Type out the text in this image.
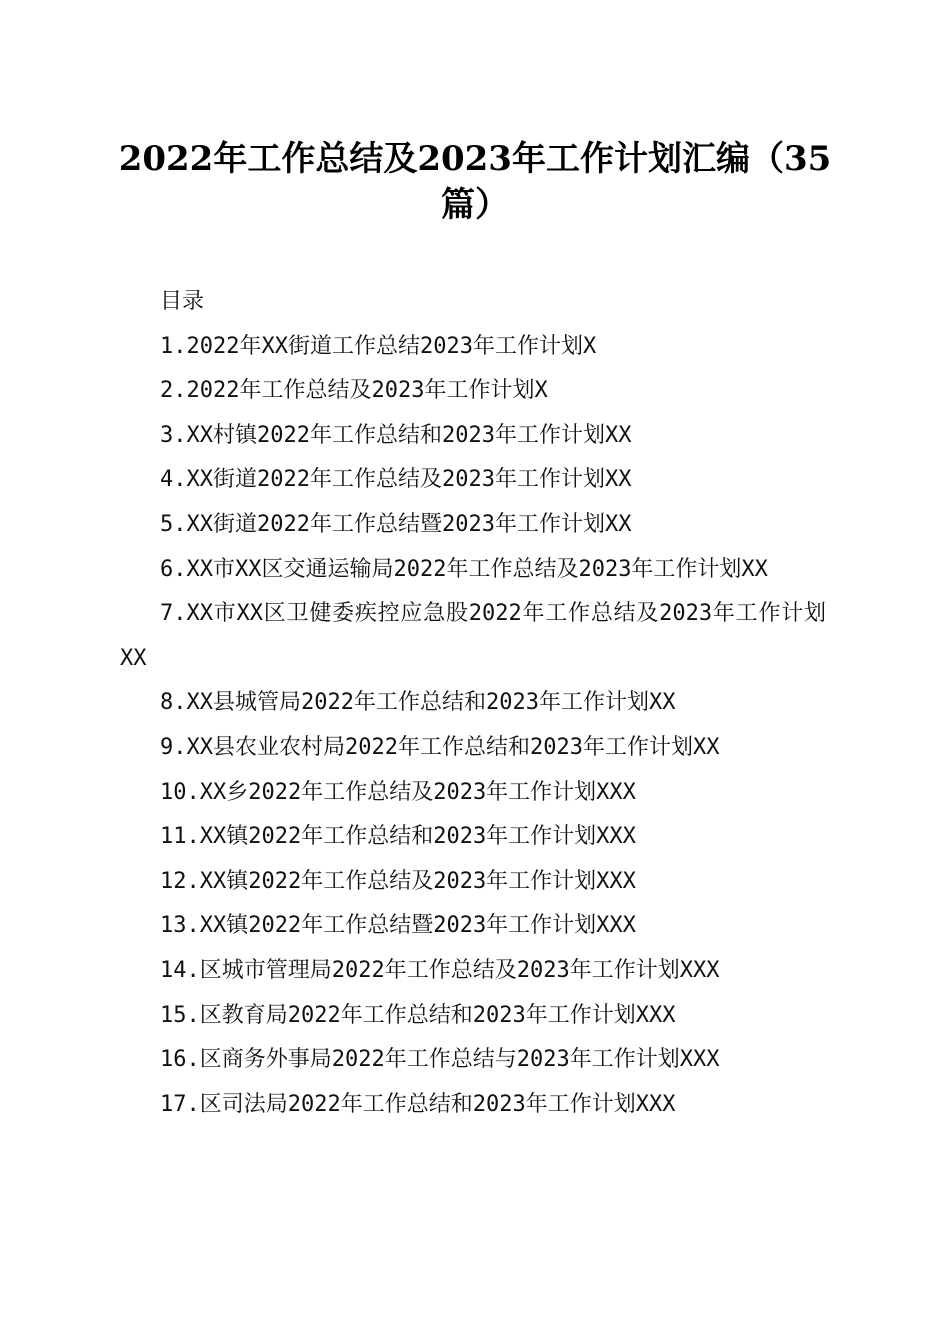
2022年工作总结及2023年工作计划汇编（35篇）
目录
1.2022年XX街道工作总结2023年工作计划X
2.2022年工作总结及2023年工作计划X
3.XX村镇2022年工作总结和2023年工作计划XX
4.XX街道2022年工作总结及2023年工作计划XX
5.XX街道2022年工作总结暨2023年工作计划XX
6.XX市XX区交通运输局2022年工作总结及2023年工作计划XX
7.XX市XX区卫健委疾控应急股2022年工作总结及2023年工作计划XX
8.XX县城管局2022年工作总结和2023年工作计划XX
9.XX县农业农村局2022年工作总结和2023年工作计划XX
10.XX乡2022年工作总结及2023年工作计划XXX
11.XX镇2022年工作总结和2023年工作计划XXX
12.XX镇2022年工作总结及2023年工作计划XXX
13.XX镇2022年工作总结暨2023年工作计划XXX
14.区城市管理局2022年工作总结及2023年工作计划XXX
15.区教育局2022年工作总结和2023年工作计划XXX
16.区商务外事局2022年工作总结与2023年工作计划XXX
17.区司法局2022年工作总结和2023年工作计划XXX
